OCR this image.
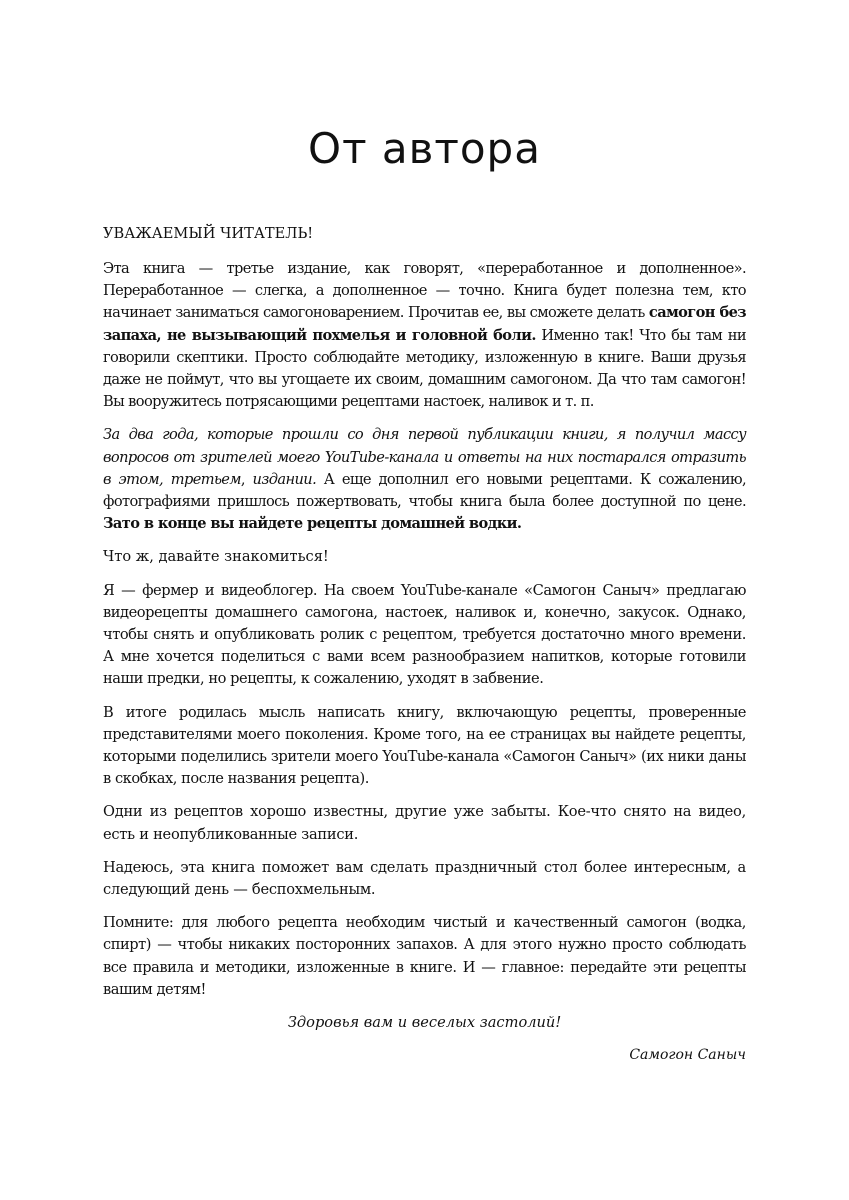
От автора
УВАЖАЕМЫЙ ЧИТАТЕЛЬ!

Эта книга — третье издание, как говорят, «переработанное и дополненное». Переработанное — слегка, а дополненное — точно. Книга будет полезна тем, кто начинает заниматься самогоноварением. Прочитав ее, вы сможете делать самогон без запаха, не вызывающий похмелья и головной боли. Именно так! Что бы там ни говорили скептики. Просто соблюдайте методику, изложенную в книге. Ваши друзья даже не поймут, что вы угощаете их своим, домашним самогоном. Да что там самогон! Вы вооружитесь потрясающими рецептами настоек, наливок и т. п.

За два года, которые прошли со дня первой публикации книги, я получил массу вопросов от зрителей моего YouTube-канала и ответы на них постарался отразить в этом, третьем, издании. А еще дополнил его новыми рецептами. К сожалению, фотографиями пришлось пожертвовать, чтобы книга была более доступной по цене. Зато в конце вы найдете рецепты домашней водки.

Что ж, давайте знакомиться!

Я — фермер и видеоблогер. На своем YouTube-канале «Самогон Саныч» предлагаю видеорецепты домашнего самогона, настоек, наливок и, конечно, закусок. Однако, чтобы снять и опубликовать ролик с рецептом, требуется достаточно много времени. А мне хочется поделиться с вами всем разнообразием напитков, которые готовили наши предки, но рецепты, к сожалению, уходят в забвение.

В итоге родилась мысль написать книгу, включающую рецепты, проверенные представителями моего поколения. Кроме того, на ее страницах вы найдете рецепты, которыми поделились зрители моего YouTube-канала «Самогон Саныч» (их ники даны в скобках, после названия рецепта).

Одни из рецептов хорошо известны, другие уже забыты. Кое-что снято на видео, есть и неопубликованные записи.

Надеюсь, эта книга поможет вам сделать праздничный стол более интересным, а следующий день — беспохмельным.

Помните: для любого рецепта необходим чистый и качественный самогон (водка, спирт) — чтобы никаких посторонних запахов. А для этого нужно просто соблюдать все правила и методики, изложенные в книге. И — главное: передайте эти рецепты вашим детям!

Здоровья вам и веселых застолий!

Самогон Саныч
